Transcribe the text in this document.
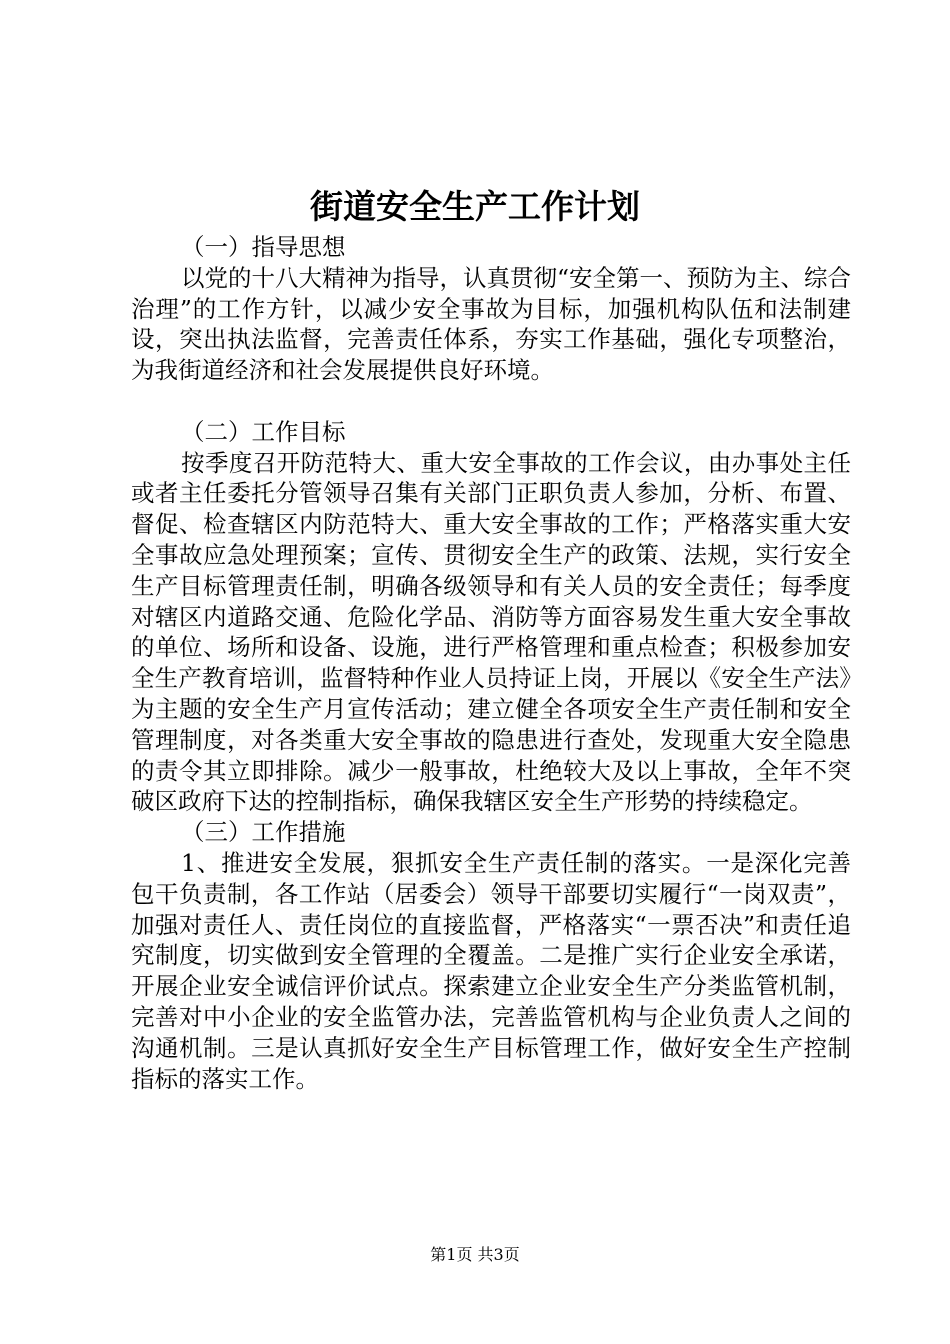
街道安全生产工作计划

（一）指导思想

以党的十八大精神为指导，认真贯彻“安全第一、预防为主、综合治理”的工作方针，以减少安全事故为目标，加强机构队伍和法制建设，突出执法监督，完善责任体系，夯实工作基础，强化专项整治，为我街道经济和社会发展提供良好环境。

（二）工作目标

按季度召开防范特大、重大安全事故的工作会议，由办事处主任或者主任委托分管领导召集有关部门正职负责人参加，分析、布置、督促、检查辖区内防范特大、重大安全事故的工作；严格落实重大安全事故应急处理预案；宣传、贯彻安全生产的政策、法规，实行安全生产目标管理责任制，明确各级领导和有关人员的安全责任；每季度对辖区内道路交通、危险化学品、消防等方面容易发生重大安全事故的单位、场所和设备、设施，进行严格管理和重点检查；积极参加安全生产教育培训，监督特种作业人员持证上岗，开展以《安全生产法》为主题的安全生产月宣传活动；建立健全各项安全生产责任制和安全管理制度，对各类重大安全事故的隐患进行查处，发现重大安全隐患的责令其立即排除。减少一般事故，杜绝较大及以上事故，全年不突破区政府下达的控制指标，确保我辖区安全生产形势的持续稳定。

（三）工作措施

1、推进安全发展，狠抓安全生产责任制的落实。一是深化完善包干负责制，各工作站（居委会）领导干部要切实履行“一岗双责”，加强对责任人、责任岗位的直接监督，严格落实“一票否决”和责任追究制度，切实做到安全管理的全覆盖。二是推广实行企业安全承诺，开展企业安全诚信评价试点。探索建立企业安全生产分类监管机制，完善对中小企业的安全监管办法，完善监管机构与企业负责人之间的沟通机制。三是认真抓好安全生产目标管理工作，做好安全生产控制指标的落实工作。

第1页 共3页
